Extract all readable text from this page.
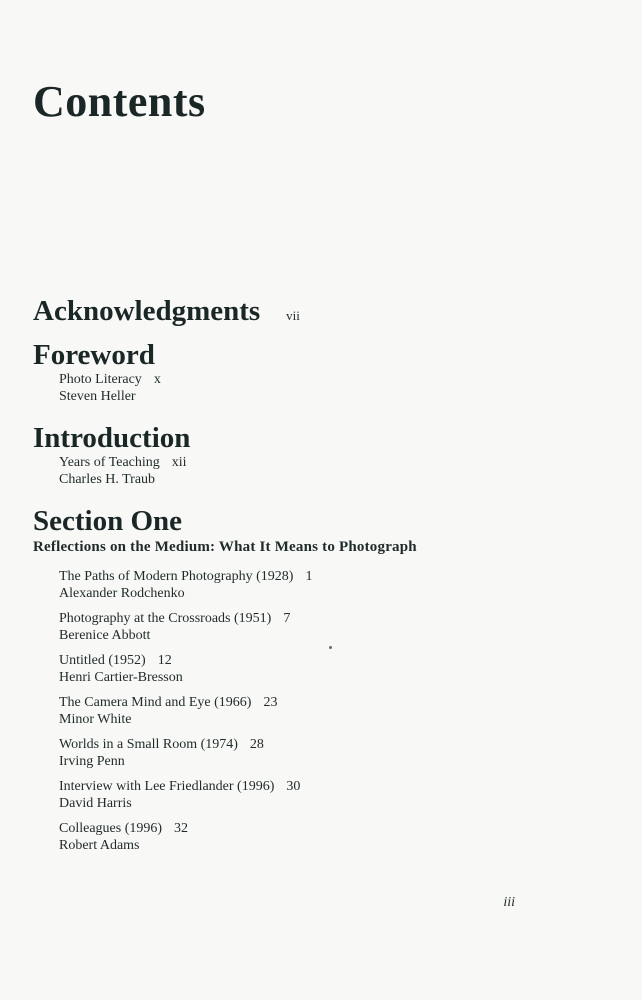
Contents
Acknowledgments vii
Foreword
Photo Literacy x
Steven Heller
Introduction
Years of Teaching xii
Charles H. Traub
Section One
Reflections on the Medium: What It Means to Photograph
The Paths of Modern Photography (1928) 1
Alexander Rodchenko
Photography at the Crossroads (1951) 7
Berenice Abbott
Untitled (1952) 12
Henri Cartier-Bresson
The Camera Mind and Eye (1966) 23
Minor White
Worlds in a Small Room (1974) 28
Irving Penn
Interview with Lee Friedlander (1996) 30
David Harris
Colleagues (1996) 32
Robert Adams
iii
